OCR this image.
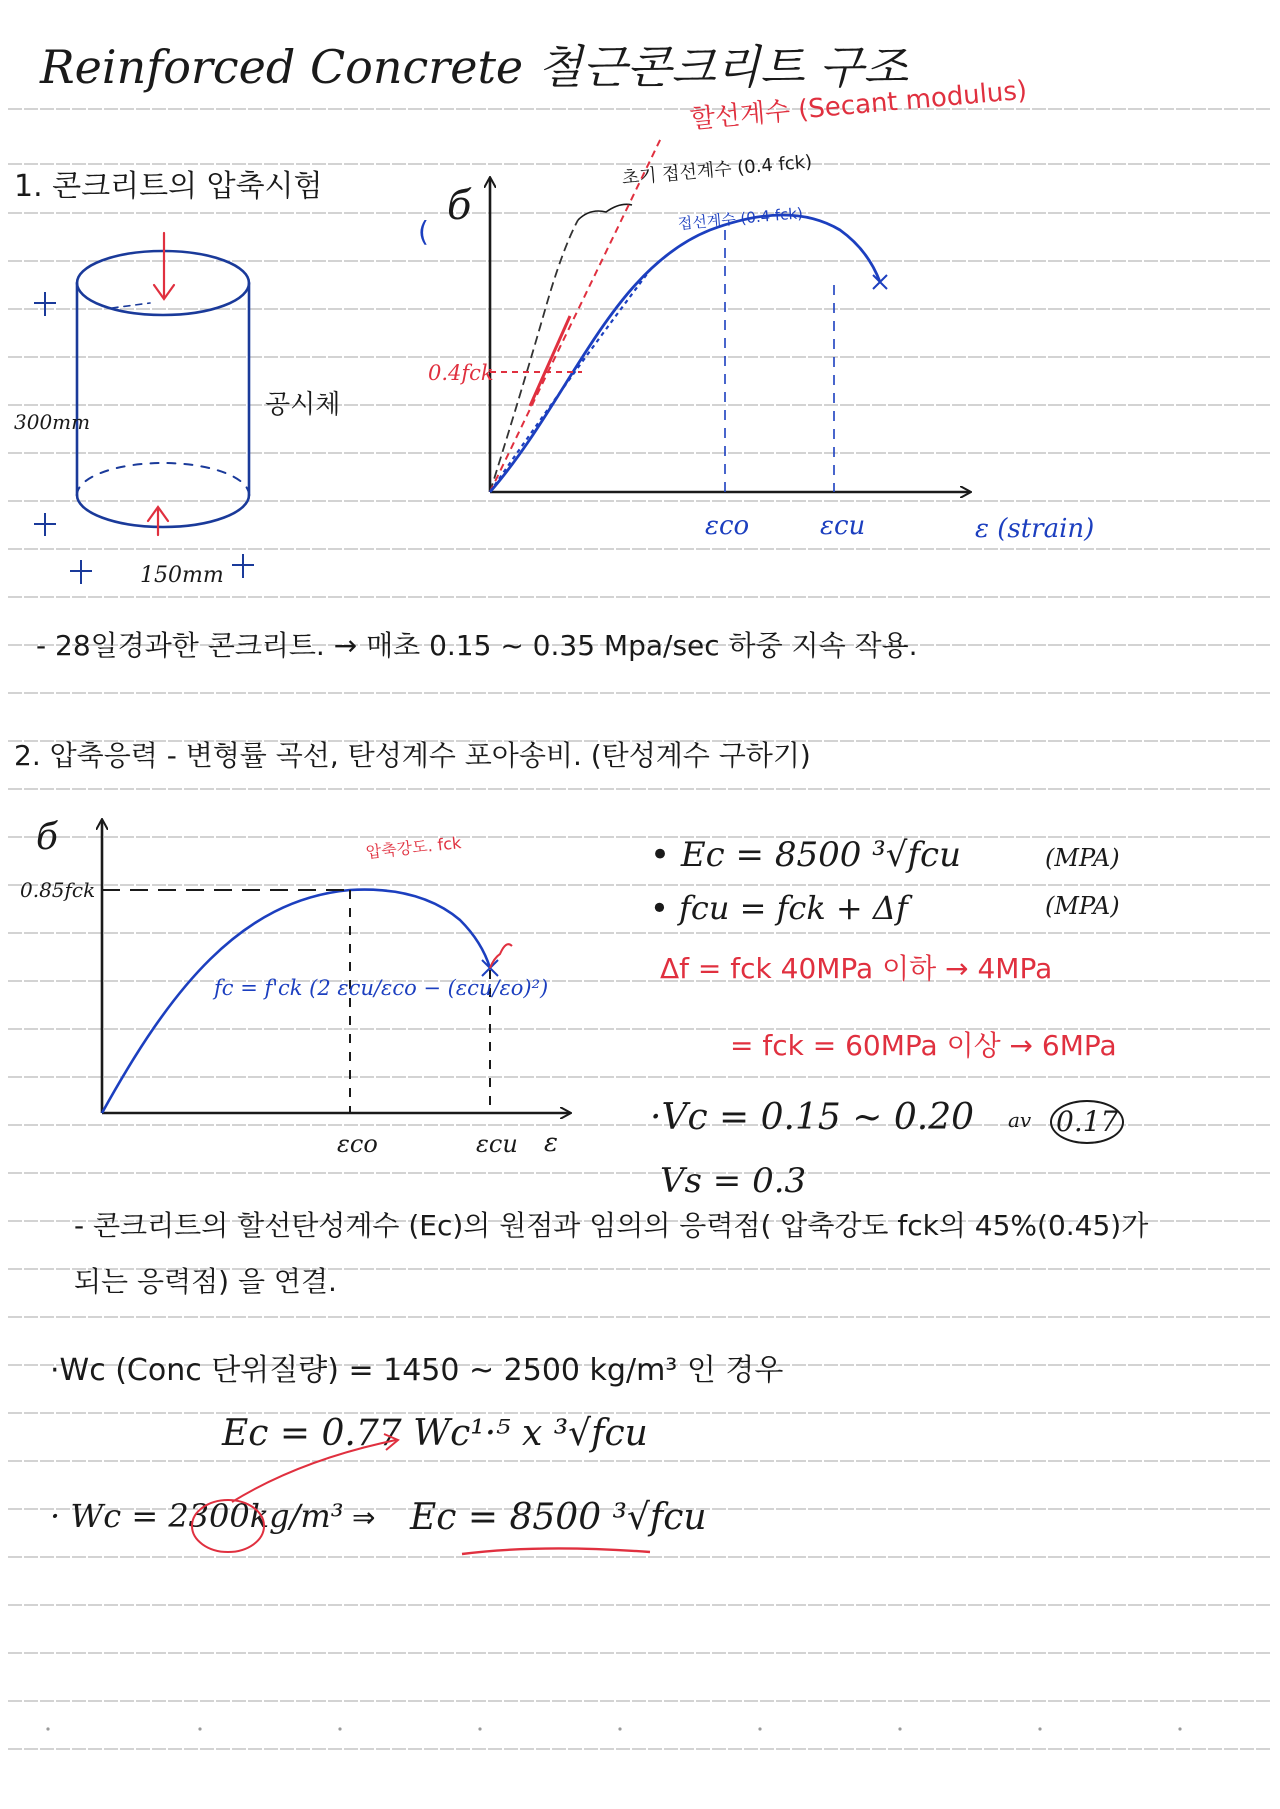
Reinforced Concrete 철근콘크리트 구조
1. 콘크리트의 압축시험
300mm
공시체
150mm
(
б
할선계수 (Secant modulus)
초기 접선계수 (0.4 fck)
접선계수 (0.4 fck)
0.4fck
εco	εcu	ε (strain)
- 28일경과한 콘크리트. → 매초 0.15 ~ 0.35 Mpa/sec 하중 지속 작용.
2. 압축응력 - 변형률 곡선, 탄성계수 포아송비. (탄성계수 구하기)
б
0.85fck
압축강도. fck
fc = f'ck (2 εcu/εco − (εcu/εo)²)
εco	εcu ε
• Ec = 8500 ³√fcu	(MPA)
• fcu = fck + Δf	(MPA)
Δf = fck 40MPa 이하 → 4MPa
= fck = 60MPa 이상 → 6MPa
·Vc = 0.15 ~ 0.20 av 0.17
Vs = 0.3
- 콘크리트의 할선탄성계수 (Ec)의 원점과 임의의 응력점( 압축강도 fck의 45%(0.45)가
되는 응력점) 을 연결.
·Wc (Conc 단위질량) = 1450 ~ 2500 kg/m³ 인 경우
Ec = 0.77 Wc¹·⁵ x ³√fcu
· Wc = 2300kg/m³ ⇒ Ec = 8500 ³√fcu
